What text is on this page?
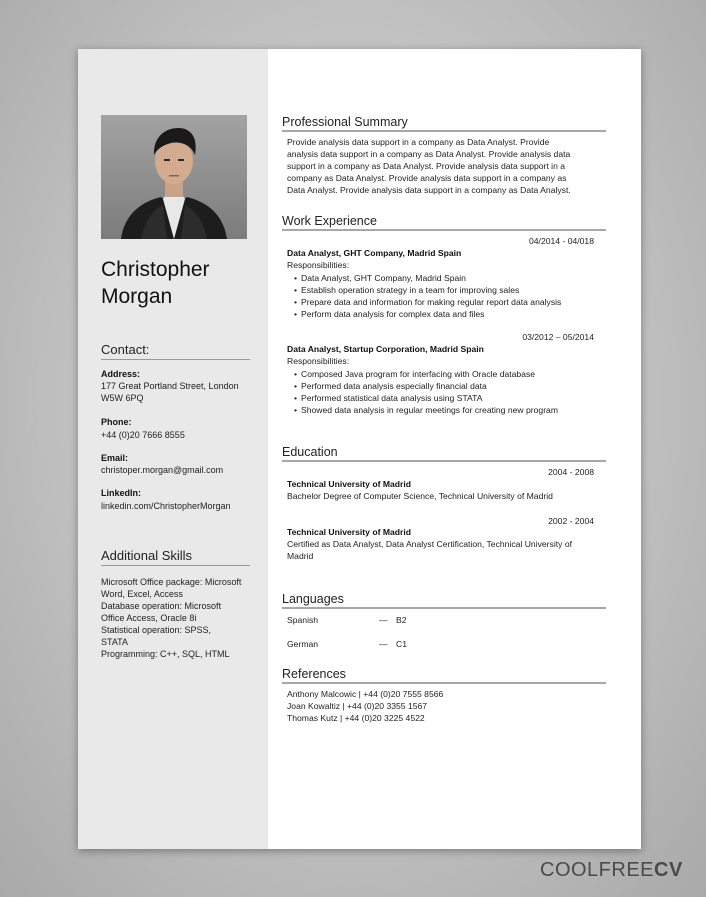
Christopher
Morgan
Contact:
Address:
177 Great Portland Street, London
W5W 6PQ
Phone:
+44 (0)20 7666 8555
Email:
christoper.morgan@gmail.com
LinkedIn:
linkedin.com/ChristopherMorgan
Additional Skills
Microsoft Office package: Microsoft
Word, Excel, Access
Database operation: Microsoft
Office Access, Oracle 8i
Statistical operation: SPSS,
STATA
Programming: C++, SQL, HTML
Professional Summary
Provide analysis data support in a company as Data Analyst. Provide
analysis data support in a company as Data Analyst. Provide analysis data
support in a company as Data Analyst. Provide analysis data support in a
company as Data Analyst. Provide analysis data support in a company as
Data Analyst. Provide analysis data support in a company as Data Analyst.
Work Experience
04/2014 - 04/018
Data Analyst, GHT Company, Madrid Spain
Responsibilities:
• Data Analyst, GHT Company, Madrid Spain
• Establish operation strategy in a team for improving sales
• Prepare data and information for making regular report data analysis
• Perform data analysis for complex data and files
03/2012 – 05/2014
Data Analyst, Startup Corporation, Madrid Spain
Responsibilities:
• Composed Java program for interfacing with Oracle database
• Performed data analysis especially financial data
• Performed statistical data analysis using STATA
• Showed data analysis in regular meetings for creating new program
Education
2004 - 2008
Technical University of Madrid
Bachelor Degree of Computer Science, Technical University of Madrid
2002 - 2004
Technical University of Madrid
Certified as Data Analyst, Data Analyst Certification, Technical University of
Madrid
Languages
Spanish	— B2
German	— C1
References
Anthony Malcowic | +44 (0)20 7555 8566
Joan Kowaltiz | +44 (0)20 3355 1567
Thomas Kutz | +44 (0)20 3225 4522
COOLFREECV
